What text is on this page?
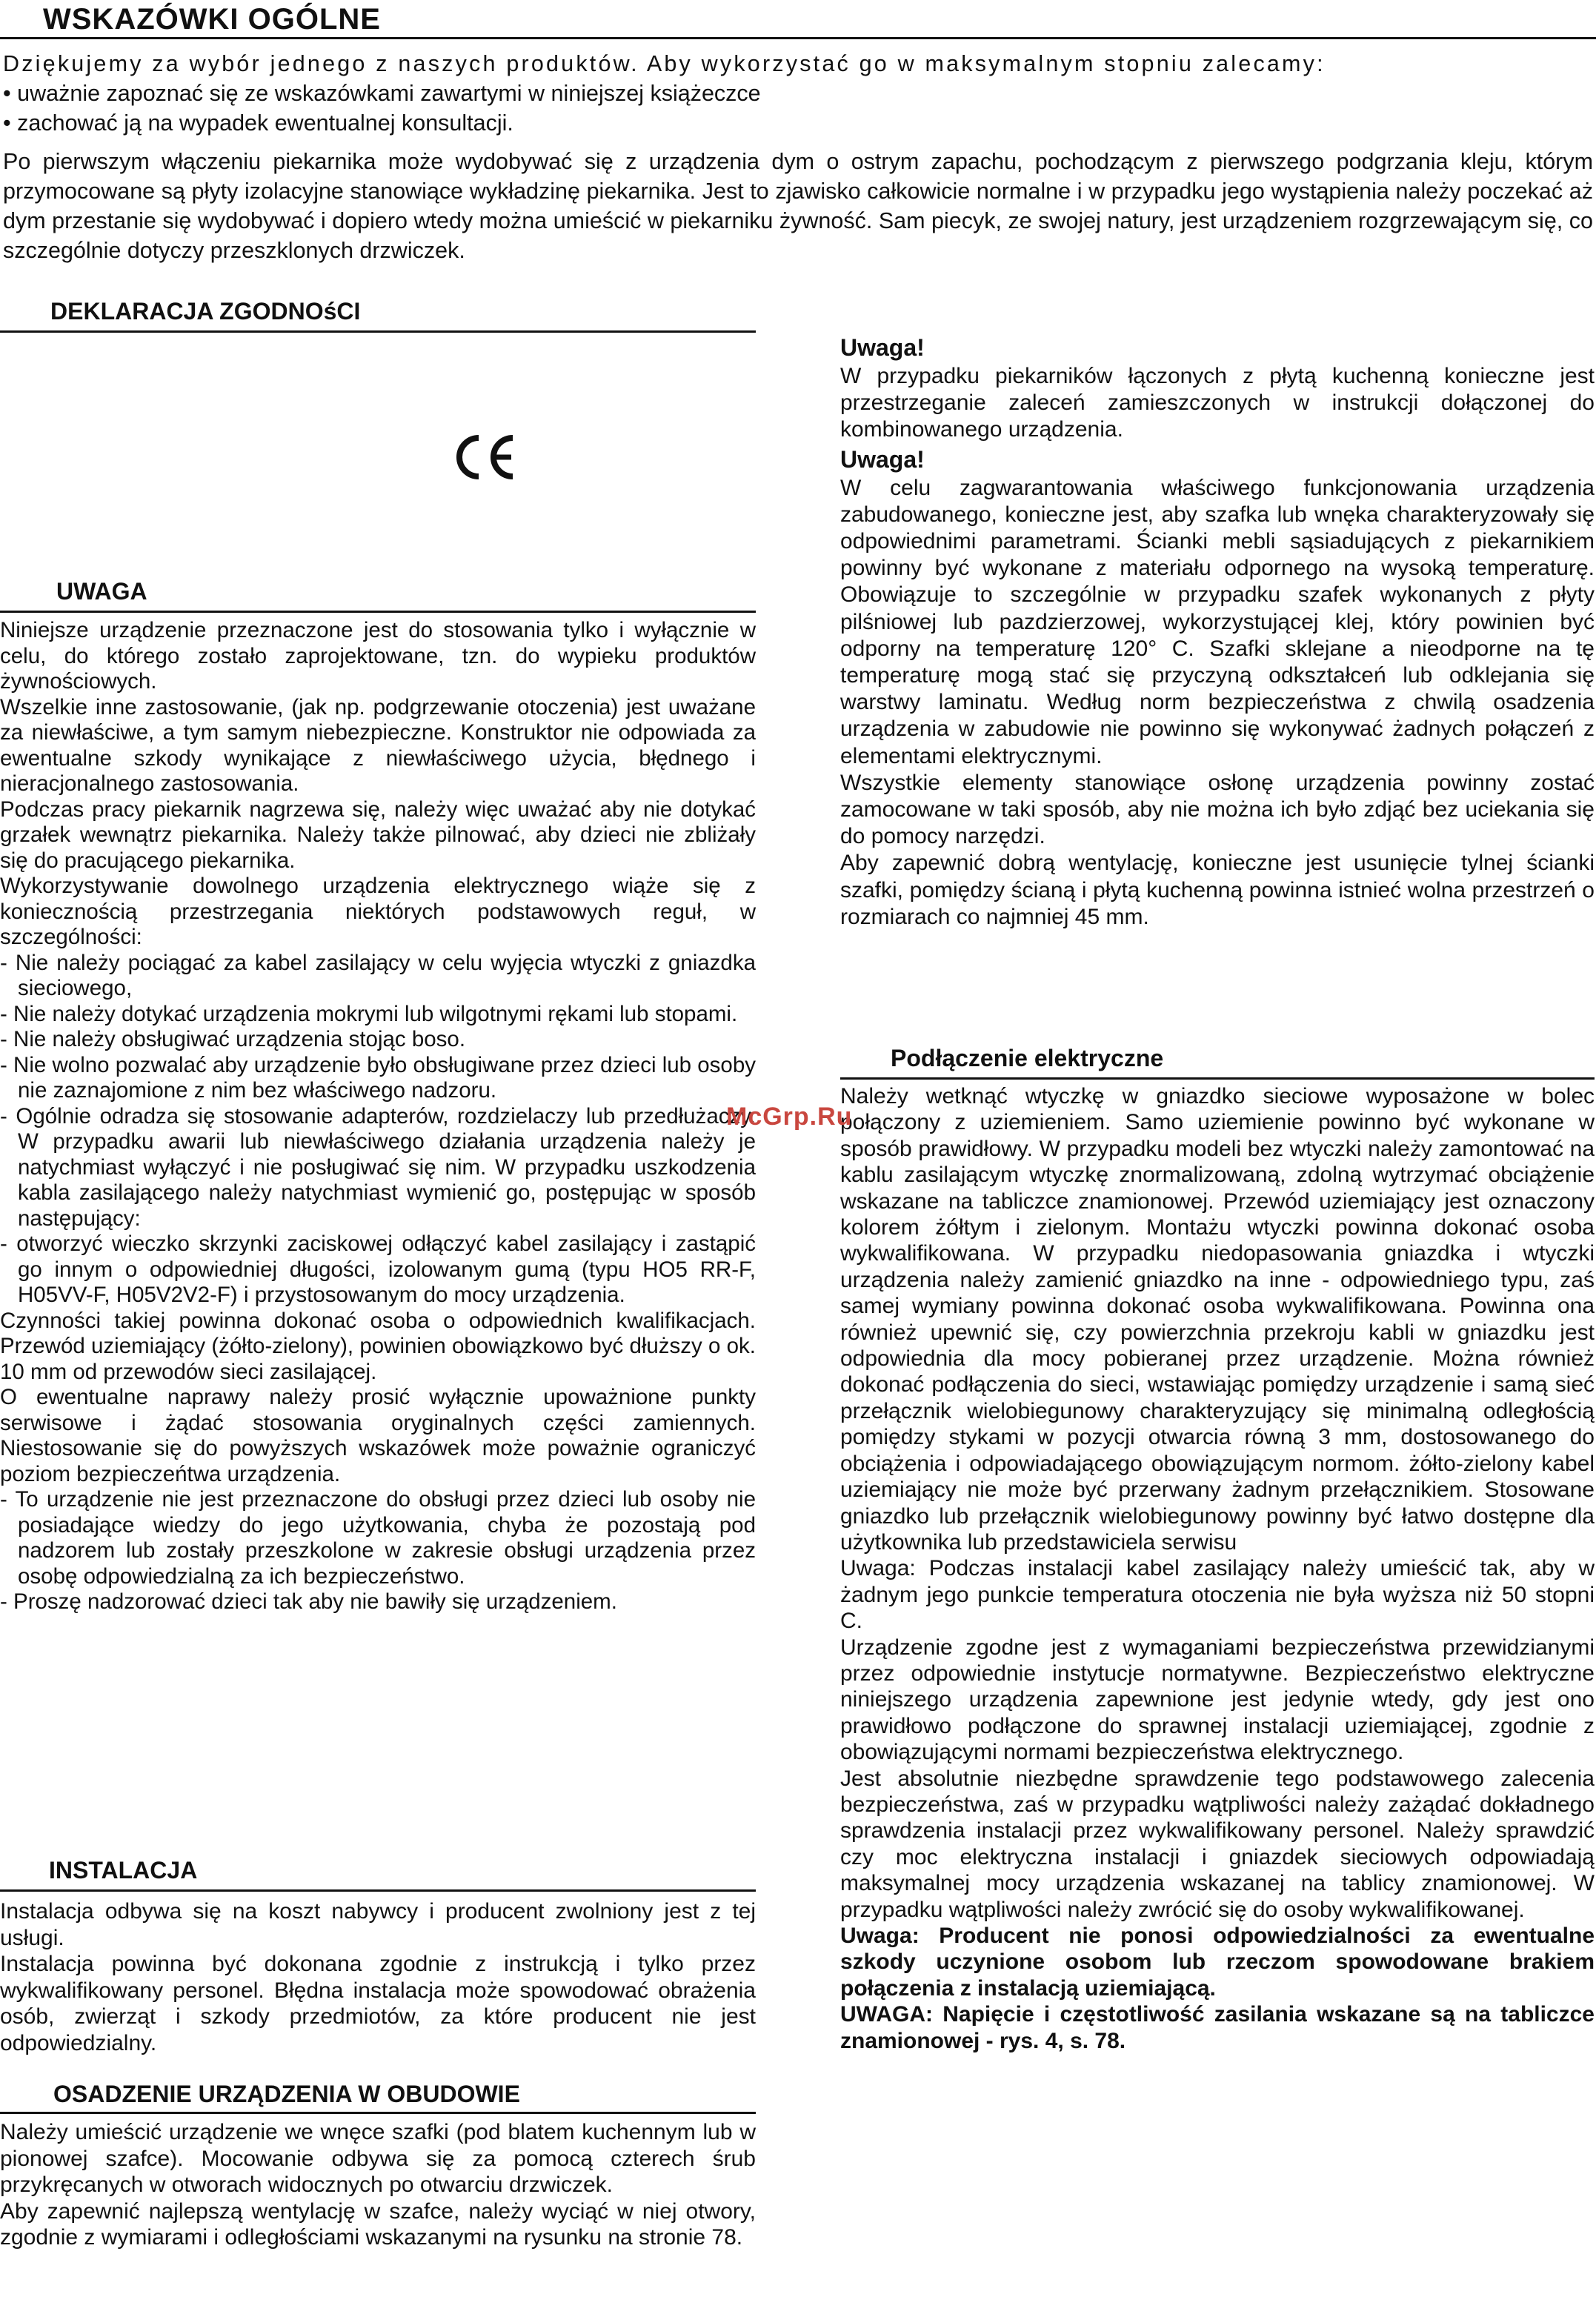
WSKAZÓWKI OGÓLNE

Dziękujemy za wybór jednego z naszych produktów. Aby wykorzystać go w maksymalnym stopniu zalecamy:

• uważnie zapoznać się ze wskazówkami zawartymi w niniejszej książeczce
• zachować ją na wypadek ewentualnej konsultacji.

Po pierwszym włączeniu piekarnika może wydobywać się z urządzenia dym o ostrym zapachu, pochodzącym z pierwszego podgrzania kleju, którym przymocowane są płyty izolacyjne stanowiące wykładzinę piekarnika. Jest to zjawisko całkowicie normalne i w przypadku jego wystąpienia należy poczekać aż dym przestanie się wydobywać i dopiero wtedy można umieścić w piekarniku żywność. Sam piecyk, ze swojej natury, jest urządzeniem rozgrzewającym się, co szczególnie dotyczy przeszklonych drzwiczek.

DEKLARACJA ZGODNOśCI
UWAGA

Niniejsze urządzenie przeznaczone jest do stosowania tylko i wyłącznie w celu, do którego zostało zaprojektowane, tzn. do wypieku produktów żywnościowych.

Wszelkie inne zastosowanie, (jak np. podgrzewanie otoczenia) jest uważane za niewłaściwe, a tym samym niebezpieczne. Konstruktor nie odpowiada za ewentualne szkody wynikające z niewłaściwego użycia, błędnego i nieracjonalnego zastosowania.

Podczas pracy piekarnik nagrzewa się, należy więc uważać aby nie dotykać grzałek wewnątrz piekarnika. Należy także pilnować, aby dzieci nie zbliżały się do pracującego piekarnika.

Wykorzystywanie dowolnego urządzenia elektrycznego wiąże się z koniecznością przestrzegania niektórych podstawowych reguł, w szczególności:

- Nie należy pociągać za kabel zasilający w celu wyjęcia wtyczki z gniazdka sieciowego,

- Nie należy dotykać urządzenia mokrymi lub wilgotnymi rękami lub stopami.

- Nie należy obsługiwać urządzenia stojąc boso.

- Nie wolno pozwalać aby urządzenie było obsługiwane przez dzieci lub osoby nie zaznajomione z nim bez właściwego nadzoru.

- Ogólnie odradza się stosowanie adapterów, rozdzielaczy lub przedłużaczy. W przypadku awarii lub niewłaściwego działania urządzenia należy je natychmiast wyłączyć i nie posługiwać się nim. W przypadku uszkodzenia kabla zasilającego należy natychmiast wymienić go, postępując w sposób następujący:

- otworzyć wieczko skrzynki zaciskowej odłączyć kabel zasilający i zastąpić go innym o odpowiedniej długości, izolowanym gumą (typu HO5 RR-F, H05VV-F, H05V2V2-F) i przystosowanym do mocy urządzenia.

Czynności takiej powinna dokonać osoba o odpowiednich kwalifikacjach. Przewód uziemiający (żółto-zielony), powinien obowiązkowo być dłuższy o ok. 10 mm od przewodów sieci zasilającej.

O ewentualne naprawy należy prosić wyłącznie upoważnione punkty serwisowe i żądać stosowania oryginalnych części zamiennych. Niestosowanie się do powyższych wskazówek może poważnie ograniczyć poziom bezpieczeńtwa urządzenia.

- To urządzenie nie jest przeznaczone do obsługi przez dzieci lub osoby nie posiadające wiedzy do jego użytkowania, chyba że pozostają pod nadzorem lub zostały przeszkolone w zakresie obsługi urządzenia przez osobę odpowiedzialną za ich bezpieczeństwo.

- Proszę nadzorować dzieci tak aby nie bawiły się urządzeniem.

INSTALACJA

Instalacja odbywa się na koszt nabywcy i producent zwolniony jest z tej usługi.

Instalacja powinna być dokonana zgodnie z instrukcją i tylko przez wykwalifikowany personel. Błędna instalacja może spowodować obrażenia osób, zwierząt i szkody przedmiotów, za które producent nie jest odpowiedzialny.

OSADZENIE URZĄDZENIA W OBUDOWIE

Należy umieścić urządzenie we wnęce szafki (pod blatem kuchennym lub w pionowej szafce). Mocowanie odbywa się za pomocą czterech śrub przykręcanych w otworach widocznych po otwarciu drzwiczek.

Aby zapewnić najlepszą wentylację w szafce, należy wyciąć w niej otwory, zgodnie z wymiarami i odległościami wskazanymi na rysunku na stronie 78.

Uwaga!

W przypadku piekarników łączonych z płytą kuchenną konieczne jest przestrzeganie zaleceń zamieszczonych w instrukcji dołączonej do kombinowanego urządzenia.

Uwaga!

W celu zagwarantowania właściwego funkcjonowania urządzenia zabudowanego, konieczne jest, aby szafka lub wnęka charakteryzowały się odpowiednimi parametrami. Ścianki mebli sąsiadujących z piekarnikiem powinny być wykonane z materiału odpornego na wysoką temperaturę. Obowiązuje to szczególnie w przypadku szafek wykonanych z płyty pilśniowej lub pazdzierzowej, wykorzystującej klej, który powinien być odporny na temperaturę 120° C. Szafki sklejane a nieodporne na tę temperaturę mogą stać się przyczyną odkształceń lub odklejania się warstwy laminatu. Według norm bezpieczeństwa z chwilą osadzenia urządzenia w zabudowie nie powinno się wykonywać żadnych połączeń z elementami elektrycznymi.

Wszystkie elementy stanowiące osłonę urządzenia powinny zostać zamocowane w taki sposób, aby nie można ich było zdjąć bez uciekania się do pomocy narzędzi.

Aby zapewnić dobrą wentylację, konieczne jest usunięcie tylnej ścianki szafki, pomiędzy ścianą i płytą kuchenną powinna istnieć wolna przestrzeń o rozmiarach co najmniej 45 mm.

Podłączenie elektryczne

Należy wetknąć wtyczkę w gniazdko sieciowe wyposażone w bolec połączony z uziemieniem. Samo uziemienie powinno być wykonane w sposób prawidłowy. W przypadku modeli bez wtyczki należy zamontować na kablu zasilającym wtyczkę znormalizowaną, zdolną wytrzymać obciążenie wskazane na tabliczce znamionowej. Przewód uziemiający jest oznaczony kolorem żółtym i zielonym. Montażu wtyczki powinna dokonać osoba wykwalifikowana. W przypadku niedopasowania gniazdka i wtyczki urządzenia należy zamienić gniazdko na inne - odpowiedniego typu, zaś samej wymiany powinna dokonać osoba wykwalifikowana. Powinna ona również upewnić się, czy powierzchnia przekroju kabli w gniazdku jest odpowiednia dla mocy pobieranej przez urządzenie. Można również dokonać podłączenia do sieci, wstawiając pomiędzy urządzenie i samą sieć przełącznik wielobiegunowy charakteryzujący się minimalną odległością pomiędzy stykami w pozycji otwarcia równą 3 mm, dostosowanego do obciążenia i odpowiadającego obowiązującym normom. żółto-zielony kabel uziemiający nie może być przerwany żadnym przełącznikiem. Stosowane gniazdko lub przełącznik wielobiegunowy powinny być łatwo dostępne dla użytkownika lub przedstawiciela serwisu

Uwaga: Podczas instalacji kabel zasilający należy umieścić tak, aby w żadnym jego punkcie temperatura otoczenia nie była wyższa niż 50 stopni C.

Urządzenie zgodne jest z wymaganiami bezpieczeństwa przewidzianymi przez odpowiednie instytucje normatywne. Bezpieczeństwo elektryczne niniejszego urządzenia zapewnione jest jedynie wtedy, gdy jest ono prawidłowo podłączone do sprawnej instalacji uziemiającej, zgodnie z obowiązującymi normami bezpieczeństwa elektrycznego.

Jest absolutnie niezbędne sprawdzenie tego podstawowego zalecenia bezpieczeństwa, zaś w przypadku wątpliwości należy zażądać dokładnego sprawdzenia instalacji przez wykwalifikowany personel. Należy sprawdzić czy moc elektryczna instalacji i gniazdek sieciowych odpowiadają maksymalnej mocy urządzenia wskazanej na tablicy znamionowej. W przypadku wątpliwości należy zwrócić się do osoby wykwalifikowanej.

Uwaga: Producent nie ponosi odpowiedzialności za ewentualne szkody uczynione osobom lub rzeczom spowodowane brakiem połączenia z instalacją uziemiającą.

UWAGA: Napięcie i częstotliwość zasilania wskazane są na tabliczce znamionowej - rys. 4, s. 78.

McGrp.Ru
